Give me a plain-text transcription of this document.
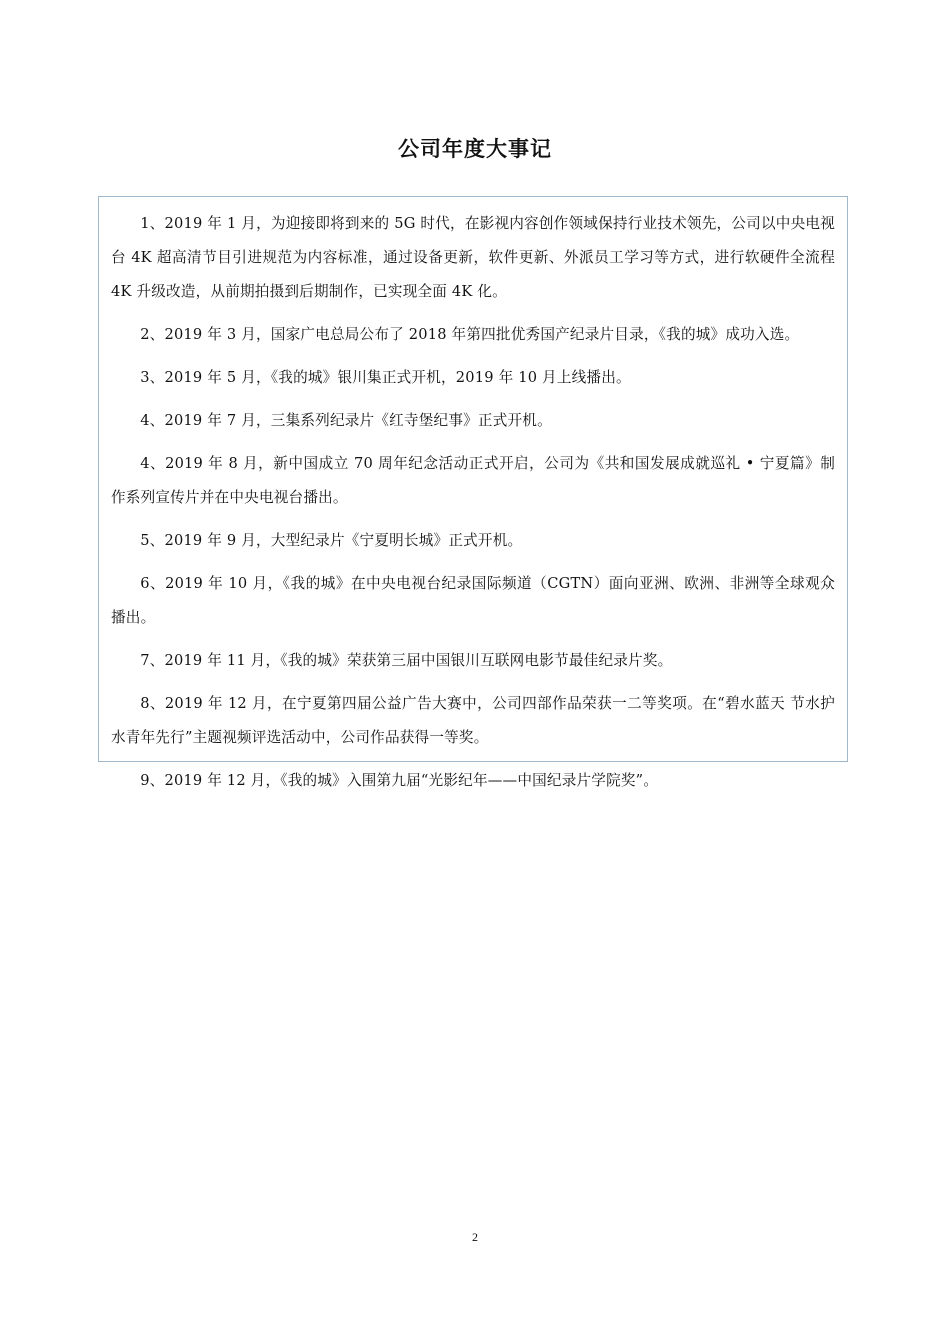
公司年度大事记

1、2019 年 1 月，为迎接即将到来的 5G 时代，在影视内容创作领域保持行业技术领先，公司以中央电视台 4K 超高清节目引进规范为内容标准，通过设备更新，软件更新、外派员工学习等方式，进行软硬件全流程 4K 升级改造，从前期拍摄到后期制作，已实现全面 4K 化。

2、2019 年 3 月，国家广电总局公布了 2018 年第四批优秀国产纪录片目录，《我的城》成功入选。

3、2019 年 5 月，《我的城》银川集正式开机，2019 年 10 月上线播出。

4、2019 年 7 月，三集系列纪录片《红寺堡纪事》正式开机。

4、2019 年 8 月，新中国成立 70 周年纪念活动正式开启，公司为《共和国发展成就巡礼 • 宁夏篇》制作系列宣传片并在中央电视台播出。

5、2019 年 9 月，大型纪录片《宁夏明长城》正式开机。

6、2019 年 10 月，《我的城》在中央电视台纪录国际频道（CGTN）面向亚洲、欧洲、非洲等全球观众播出。

7、2019 年 11 月，《我的城》荣获第三届中国银川互联网电影节最佳纪录片奖。

8、2019 年 12 月，在宁夏第四届公益广告大赛中，公司四部作品荣获一二等奖项。在“碧水蓝天 节水护水青年先行”主题视频评选活动中，公司作品获得一等奖。

9、2019 年 12 月，《我的城》入围第九届“光影纪年——中国纪录片学院奖”。

2
